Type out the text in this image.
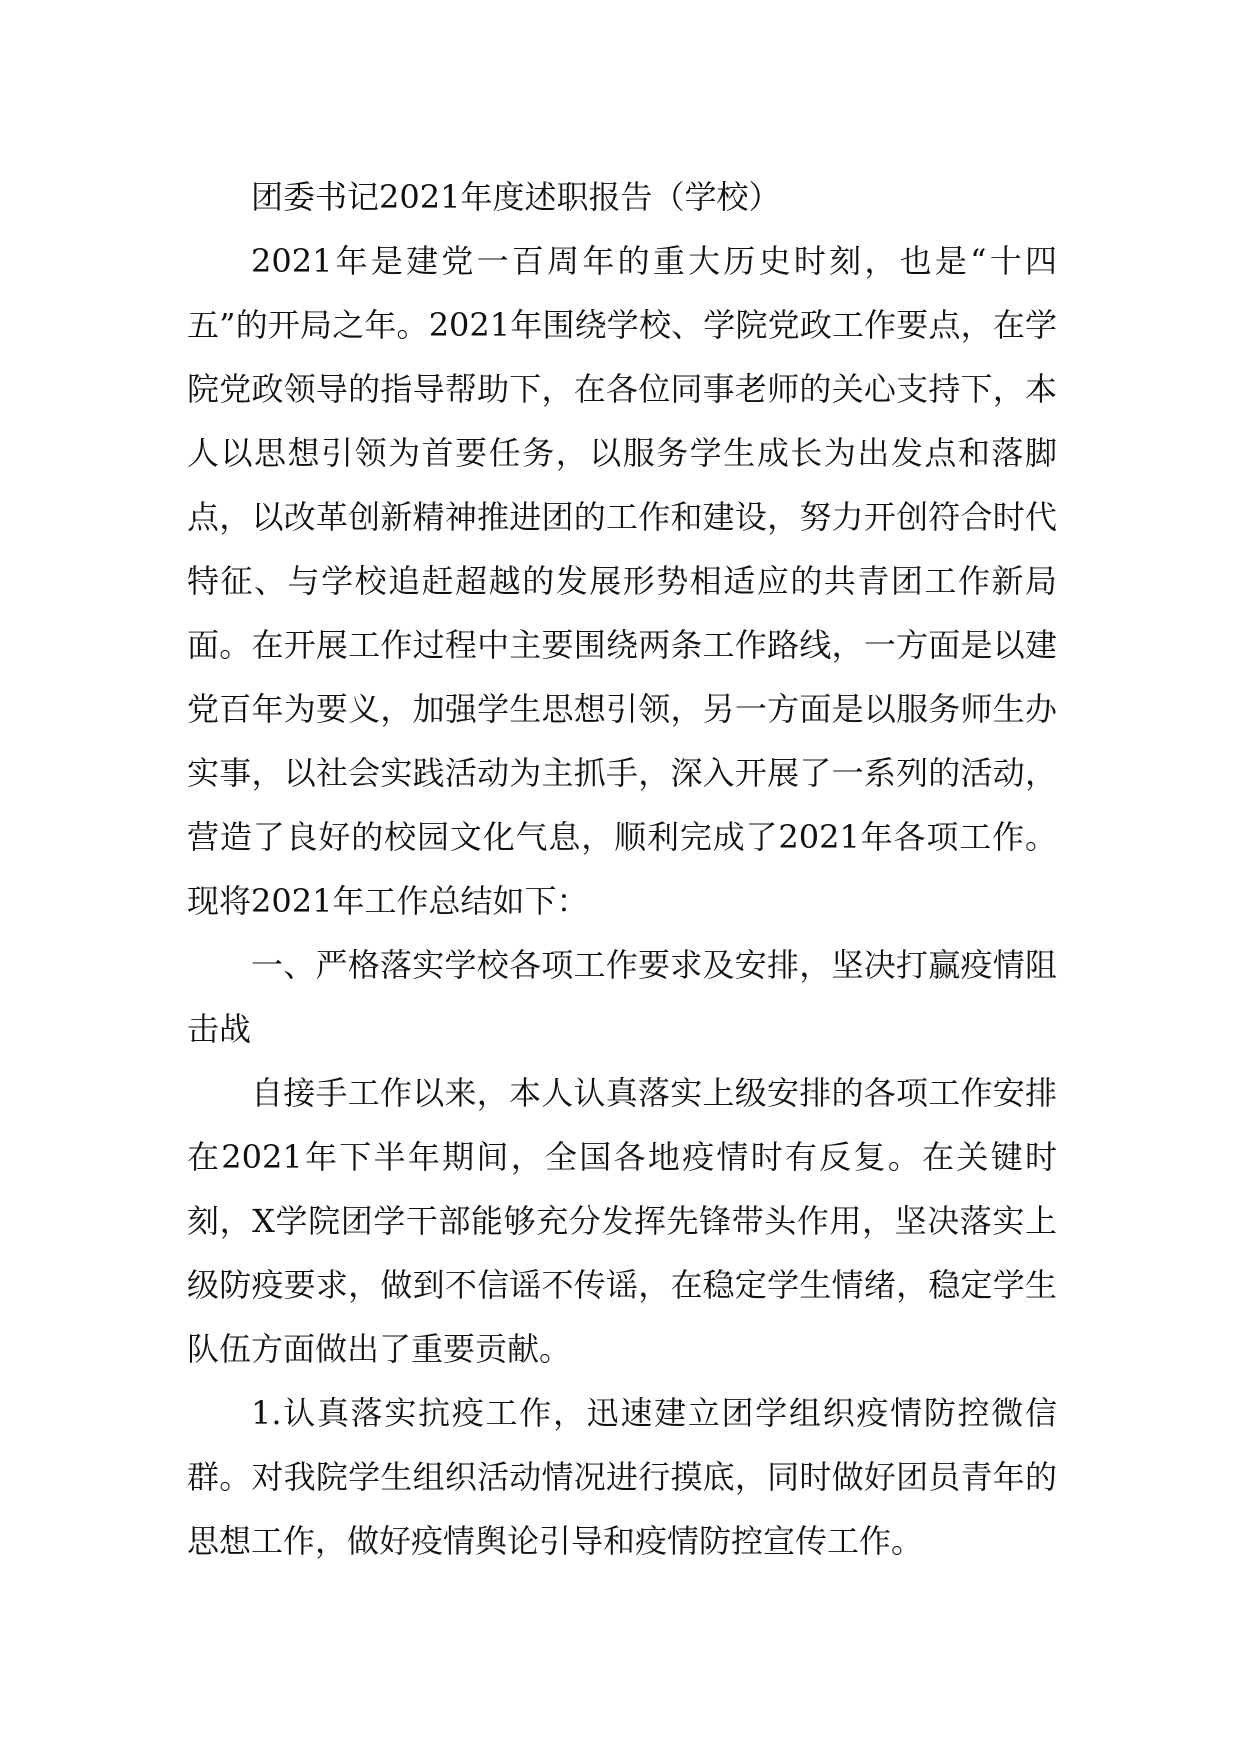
团委书记2021年度述职报告（学校）

2021年是建党一百周年的重大历史时刻，也是“十四五”的开局之年。2021年围绕学校、学院党政工作要点，在学院党政领导的指导帮助下，在各位同事老师的关心支持下，本人以思想引领为首要任务，以服务学生成长为出发点和落脚点，以改革创新精神推进团的工作和建设，努力开创符合时代特征、与学校追赶超越的发展形势相适应的共青团工作新局面。在开展工作过程中主要围绕两条工作路线，一方面是以建党百年为要义，加强学生思想引领，另一方面是以服务师生办实事，以社会实践活动为主抓手，深入开展了一系列的活动，营造了良好的校园文化气息，顺利完成了2021年各项工作。现将2021年工作总结如下：

一、严格落实学校各项工作要求及安排，坚决打赢疫情阻击战

自接手工作以来，本人认真落实上级安排的各项工作安排在2021年下半年期间，全国各地疫情时有反复。在关键时刻，X学院团学干部能够充分发挥先锋带头作用，坚决落实上级防疫要求，做到不信谣不传谣，在稳定学生情绪，稳定学生队伍方面做出了重要贡献。

1.认真落实抗疫工作，迅速建立团学组织疫情防控微信群。对我院学生组织活动情况进行摸底，同时做好团员青年的思想工作，做好疫情舆论引导和疫情防控宣传工作。
